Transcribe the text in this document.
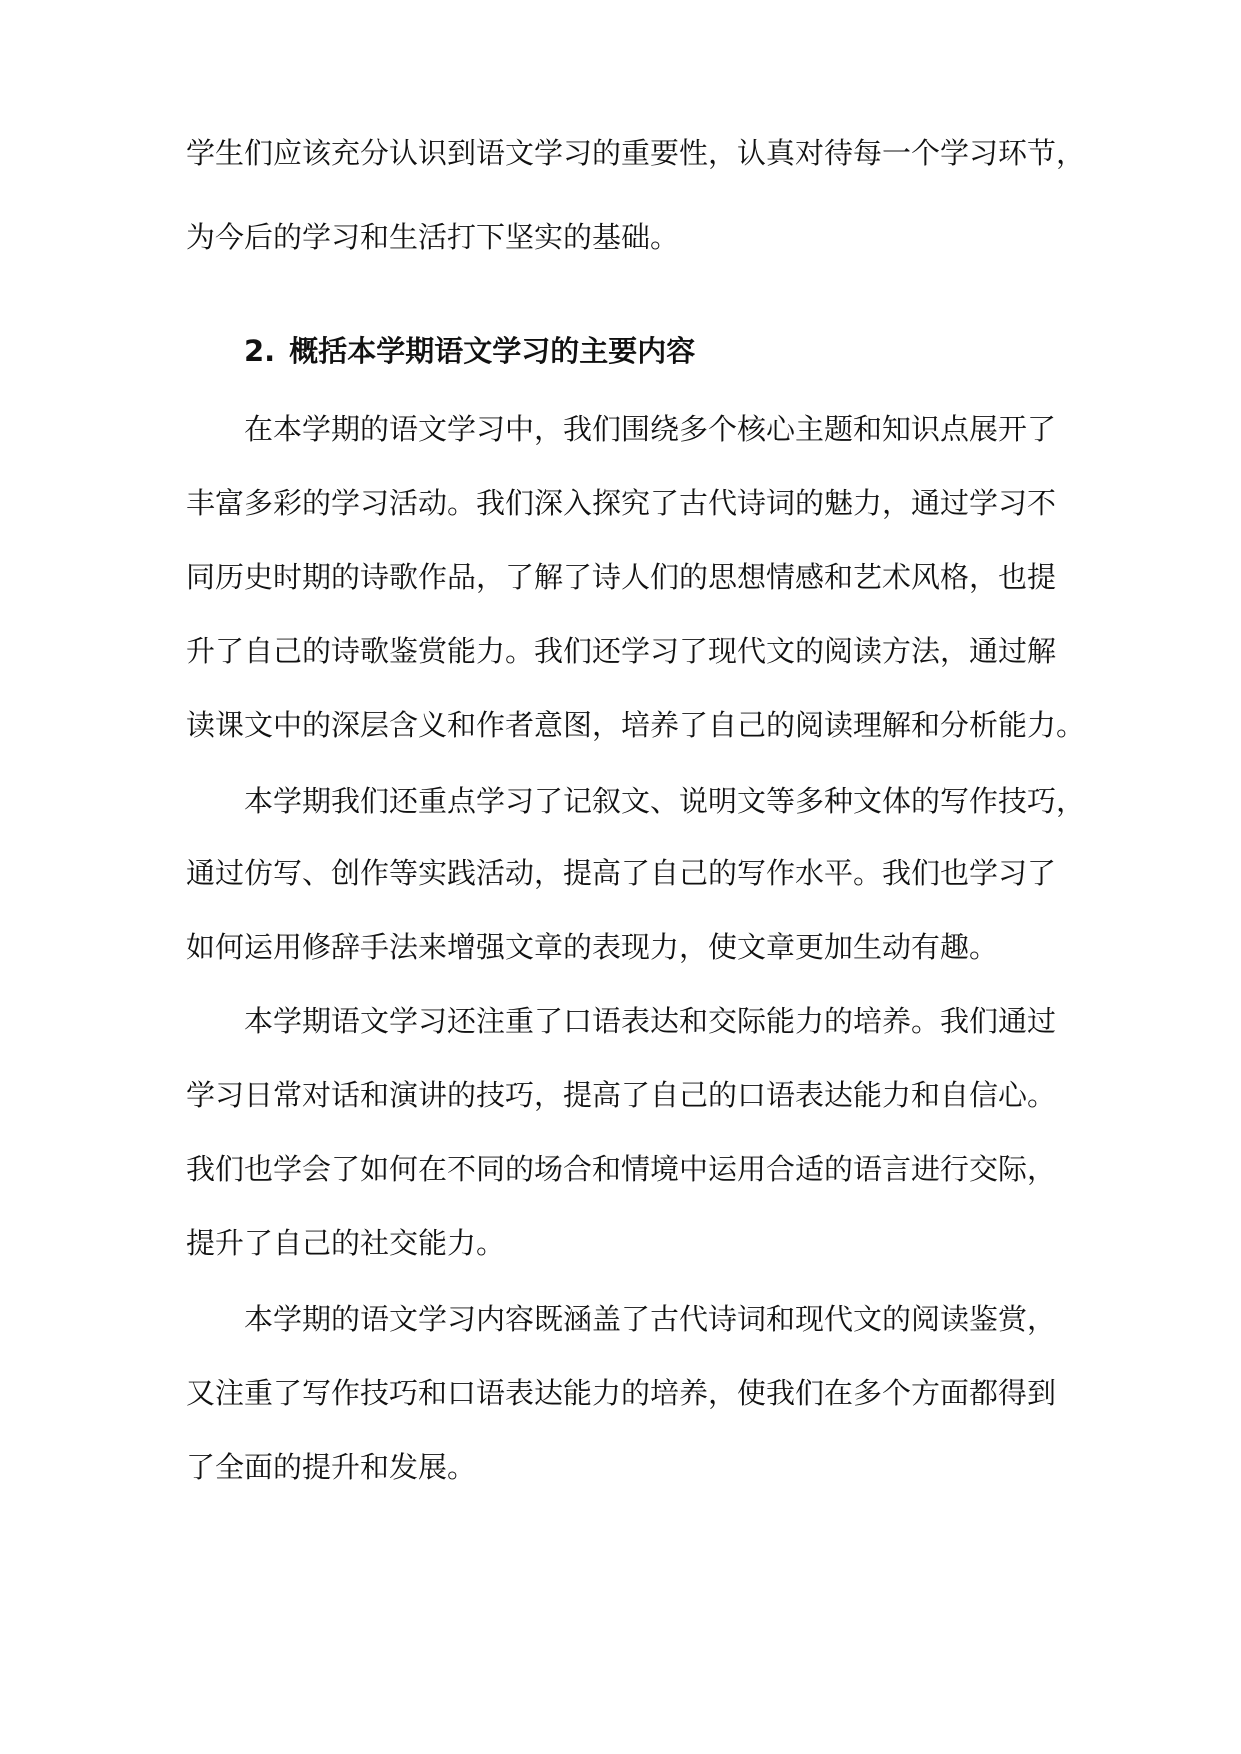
学生们应该充分认识到语文学习的重要性，认真对待每一个学习环节，
为今后的学习和生活打下坚实的基础。
2. 概括本学期语文学习的主要内容
在本学期的语文学习中，我们围绕多个核心主题和知识点展开了
丰富多彩的学习活动。我们深入探究了古代诗词的魅力，通过学习不
同历史时期的诗歌作品，了解了诗人们的思想情感和艺术风格，也提
升了自己的诗歌鉴赏能力。我们还学习了现代文的阅读方法，通过解
读课文中的深层含义和作者意图，培养了自己的阅读理解和分析能力。
本学期我们还重点学习了记叙文、说明文等多种文体的写作技巧，
通过仿写、创作等实践活动，提高了自己的写作水平。我们也学习了
如何运用修辞手法来增强文章的表现力，使文章更加生动有趣。
本学期语文学习还注重了口语表达和交际能力的培养。我们通过
学习日常对话和演讲的技巧，提高了自己的口语表达能力和自信心。
我们也学会了如何在不同的场合和情境中运用合适的语言进行交际，
提升了自己的社交能力。
本学期的语文学习内容既涵盖了古代诗词和现代文的阅读鉴赏，
又注重了写作技巧和口语表达能力的培养，使我们在多个方面都得到
了全面的提升和发展。
